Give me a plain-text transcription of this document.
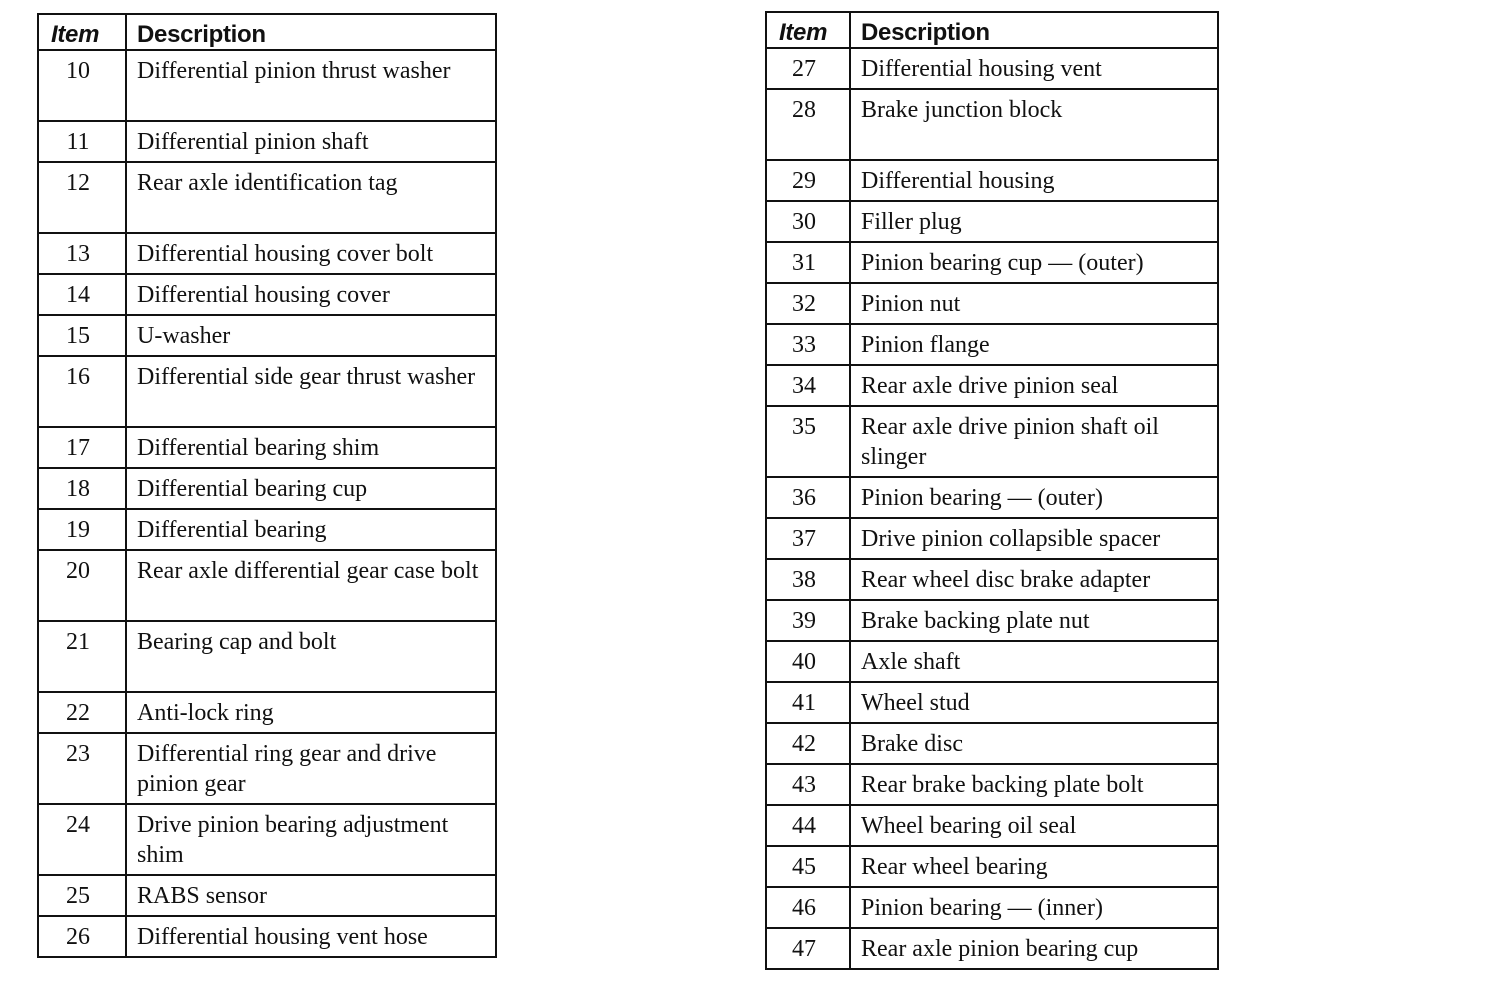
Item	Description
10	Differential pinion thrust washer
11	Differential pinion shaft
12	Rear axle identification tag
13	Differential housing cover bolt
14	Differential housing cover
15	U-washer
16	Differential side gear thrust washer
17	Differential bearing shim
18	Differential bearing cup
19	Differential bearing
20	Rear axle differential gear case bolt
21	Bearing cap and bolt
22	Anti-lock ring
23	Differential ring gear and drive pinion gear
24	Drive pinion bearing adjustment shim
25	RABS sensor
26	Differential housing vent hose
Item	Description
27	Differential housing vent
28	Brake junction block
29	Differential housing
30	Filler plug
31	Pinion bearing cup — (outer)
32	Pinion nut
33	Pinion flange
34	Rear axle drive pinion seal
35	Rear axle drive pinion shaft oil slinger
36	Pinion bearing — (outer)
37	Drive pinion collapsible spacer
38	Rear wheel disc brake adapter
39	Brake backing plate nut
40	Axle shaft
41	Wheel stud
42	Brake disc
43	Rear brake backing plate bolt
44	Wheel bearing oil seal
45	Rear wheel bearing
46	Pinion bearing — (inner)
47	Rear axle pinion bearing cup
